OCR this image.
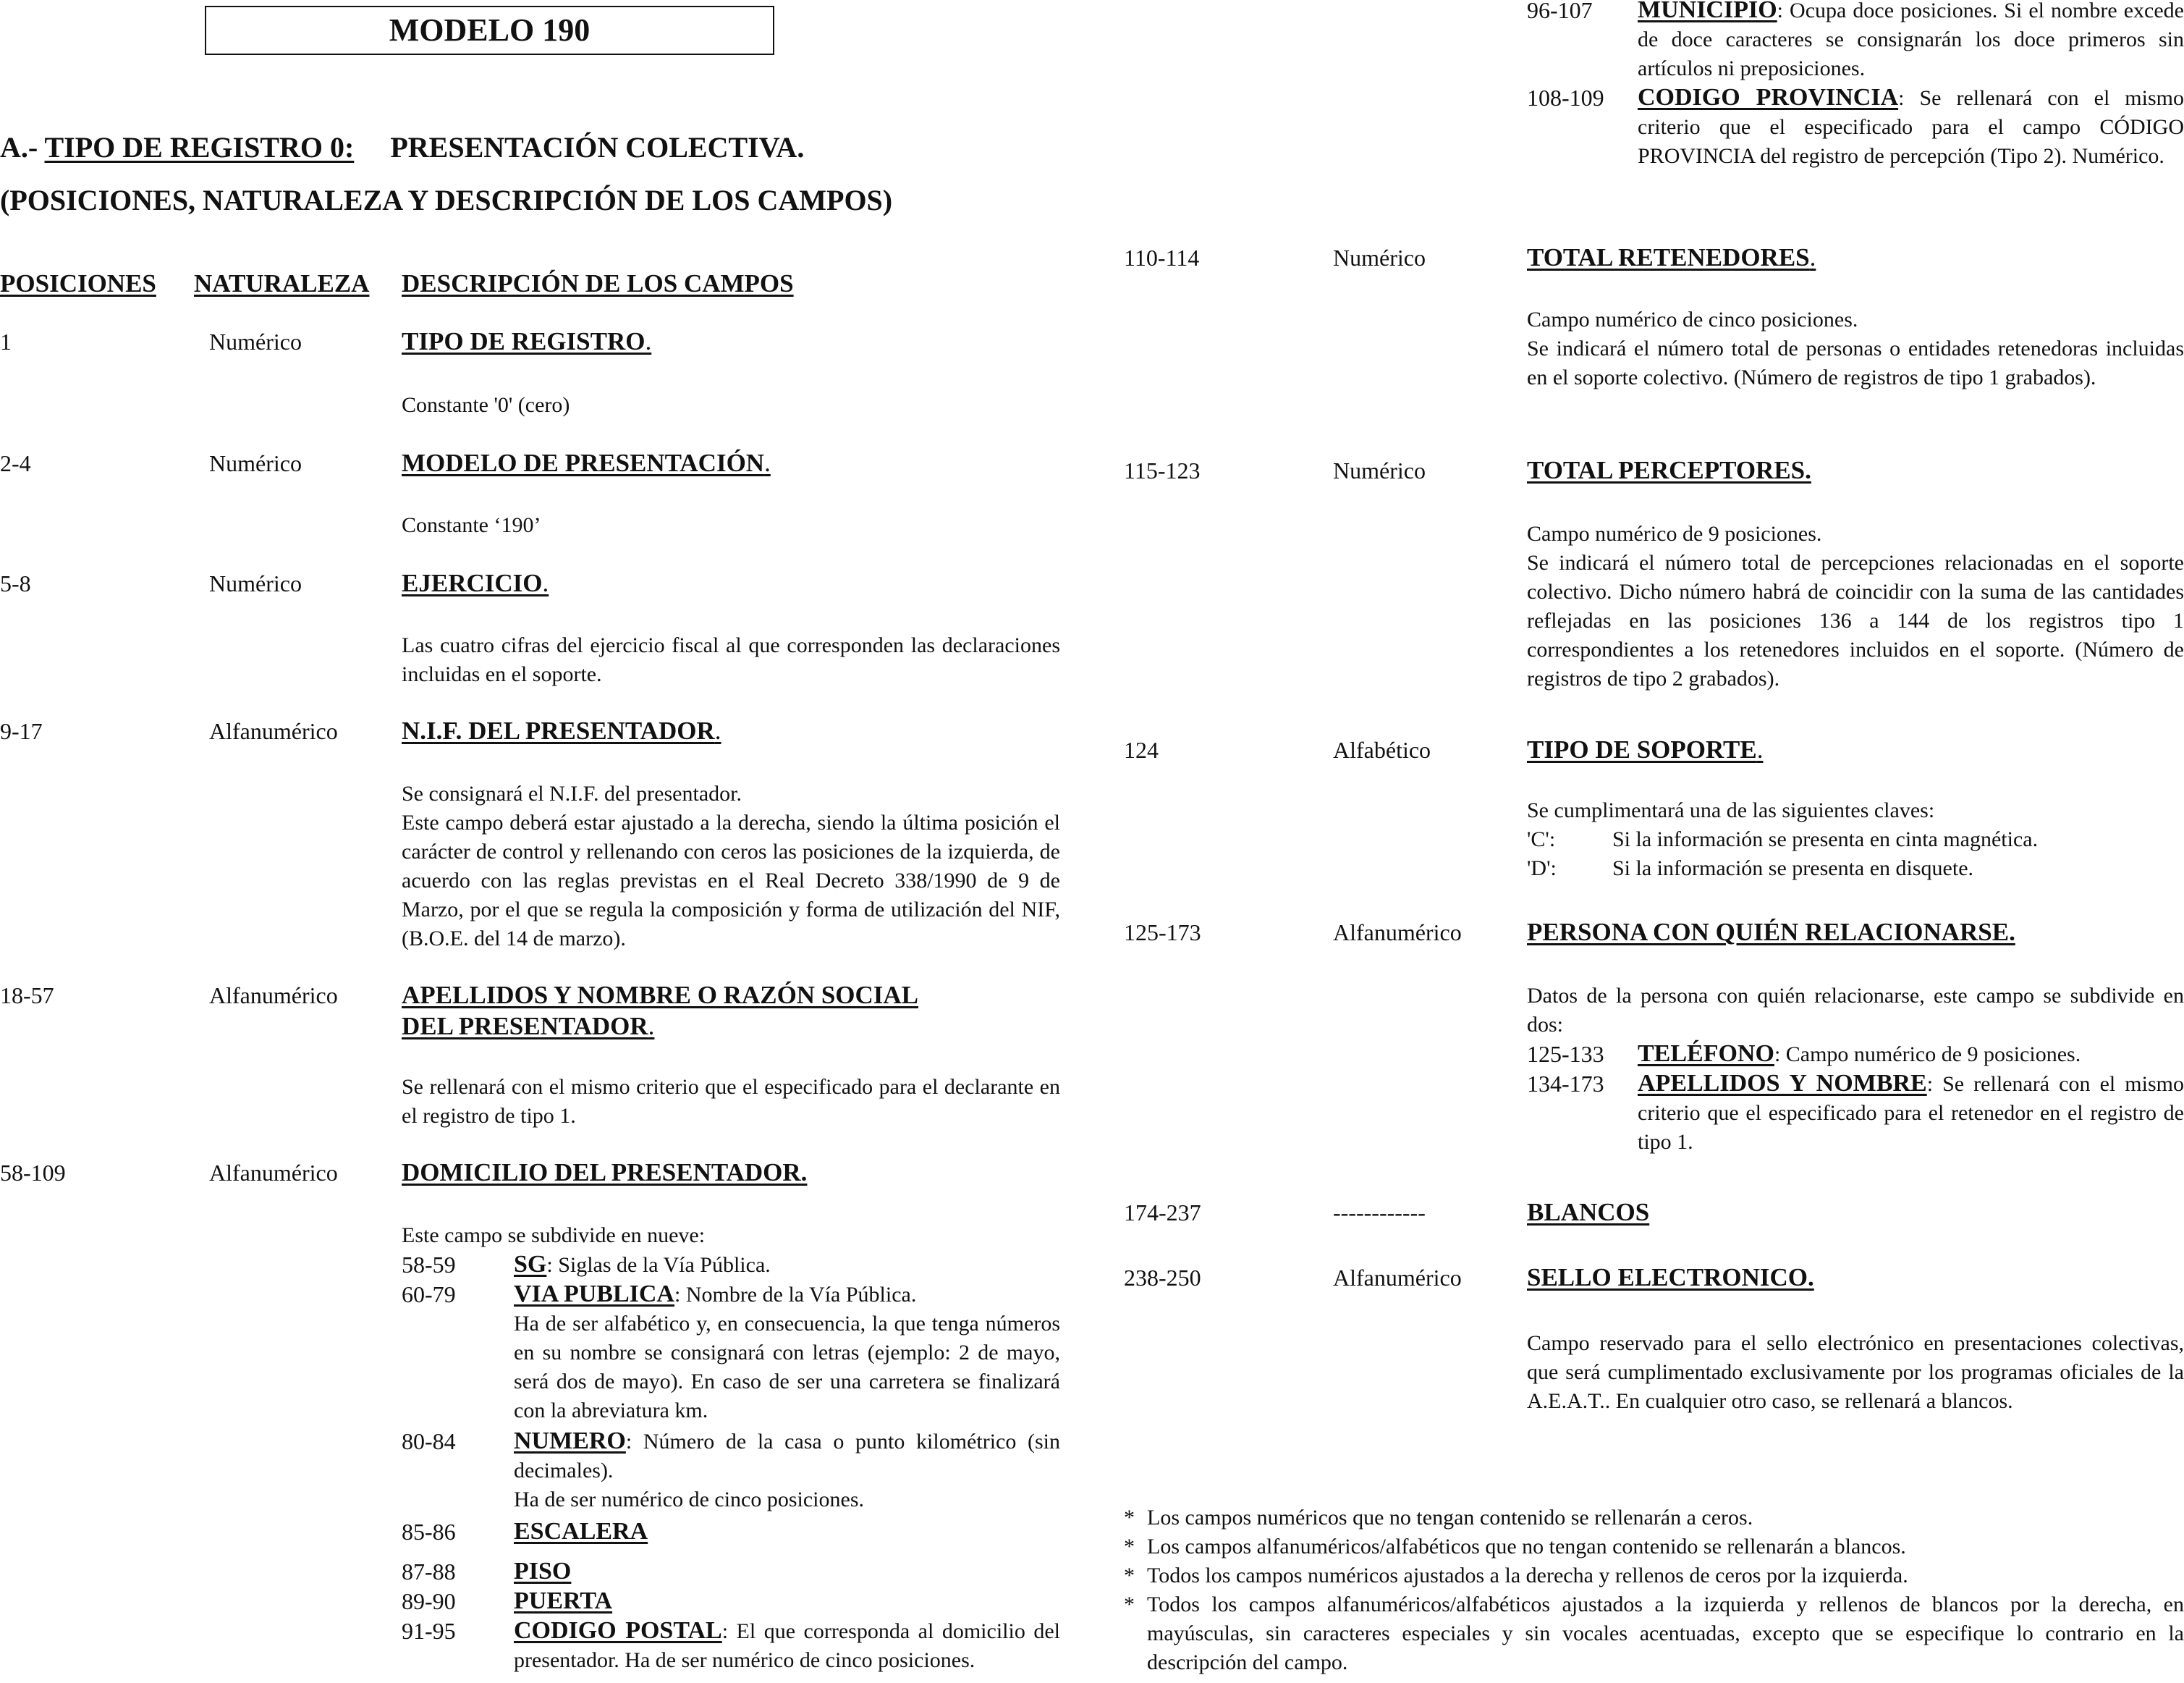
MODELO 190
A.- TIPO DE REGISTRO 0: PRESENTACIÓN COLECTIVA.
(POSICIONES, NATURALEZA Y DESCRIPCIÓN DE LOS CAMPOS)
POSICIONES NATURALEZA DESCRIPCIÓN DE LOS CAMPOS
1	Numérico	TIPO DE REGISTRO.
Constante '0' (cero)
2-4	Numérico	MODELO DE PRESENTACIÓN.
Constante ‘190’
5-8	Numérico	EJERCICIO.
Las cuatro cifras del ejercicio fiscal al que corresponden las declaraciones incluidas en el soporte.
9-17	Alfanumérico	N.I.F. DEL PRESENTADOR.

Se consignará el N.I.F. del presentador.

Este campo deberá estar ajustado a la derecha, siendo la última posición el carácter de control y rellenando con ceros las posiciones de la izquierda, de acuerdo con las reglas previstas en el Real Decreto 338/1990 de 9 de Marzo, por el que se regula la composición y forma de utilización del NIF, (B.O.E. del 14 de marzo).

18-57	Alfanumérico	APELLIDOS Y NOMBRE O RAZÓN SOCIAL
DEL PRESENTADOR.
Se rellenará con el mismo criterio que el especificado para el declarante en el registro de tipo 1.
58-109	Alfanumérico	DOMICILIO DEL PRESENTADOR.
Este campo se subdivide en nueve:
58-59	SG: Siglas de la Vía Pública.
60-79	VIA PUBLICA: Nombre de la Vía Pública.
Ha de ser alfabético y, en consecuencia, la que tenga números en su nombre se consignará con letras (ejemplo: 2 de mayo, será dos de mayo). En caso de ser una carretera se finalizará con la abreviatura km.
80-84	NUMERO: Número de la casa o punto kilométrico (sin decimales).
Ha de ser numérico de cinco posiciones.
85-86	ESCALERA
87-88	PISO
89-90	PUERTA
91-95	CODIGO POSTAL: El que corresponda al domicilio del presentador. Ha de ser numérico de cinco posiciones.
96-107	MUNICIPIO: Ocupa doce posiciones. Si el nombre excede de doce caracteres se consignarán los doce primeros sin artículos ni preposiciones.
108-109	CODIGO PROVINCIA: Se rellenará con el mismo criterio que el especificado para el campo CÓDIGO PROVINCIA del registro de percepción (Tipo 2). Numérico.
110-114	Numérico	TOTAL RETENEDORES.

Campo numérico de cinco posiciones.

Se indicará el número total de personas o entidades retenedoras incluidas en el soporte colectivo. (Número de registros de tipo 1 grabados).

115-123	Numérico	TOTAL PERCEPTORES.

Campo numérico de 9 posiciones.

Se indicará el número total de percepciones relacionadas en el soporte colectivo. Dicho número habrá de coincidir con la suma de las cantidades reflejadas en las posiciones 136 a 144 de los registros tipo 1 correspondientes a los retenedores incluidos en el soporte. (Número de registros de tipo 2 grabados).

124	Alfabético	TIPO DE SOPORTE.

Se cumplimentará una de las siguientes claves:

'C':	Si la información se presenta en cinta magnética.
'D':	Si la información se presenta en disquete.
125-173	Alfanumérico	PERSONA CON QUIÉN RELACIONARSE.
Datos de la persona con quién relacionarse, este campo se subdivide en dos:
125-133	TELÉFONO: Campo numérico de 9 posiciones.
134-173	APELLIDOS Y NOMBRE: Se rellenará con el mismo criterio que el especificado para el retenedor en el registro de tipo 1.
174-237	------------	BLANCOS
238-250	Alfanumérico	SELLO ELECTRONICO.
Campo reservado para el sello electrónico en presentaciones colectivas, que será cumplimentado exclusivamente por los programas oficiales de la A.E.A.T.. En cualquier otro caso, se rellenará a blancos.
* Los campos numéricos que no tengan contenido se rellenarán a ceros.
* Los campos alfanuméricos/alfabéticos que no tengan contenido se rellenarán a blancos.
* Todos los campos numéricos ajustados a la derecha y rellenos de ceros por la izquierda.
* Todos los campos alfanuméricos/alfabéticos ajustados a la izquierda y rellenos de blancos por la derecha, en mayúsculas, sin caracteres especiales y sin vocales acentuadas, excepto que se especifique lo contrario en la descripción del campo.
